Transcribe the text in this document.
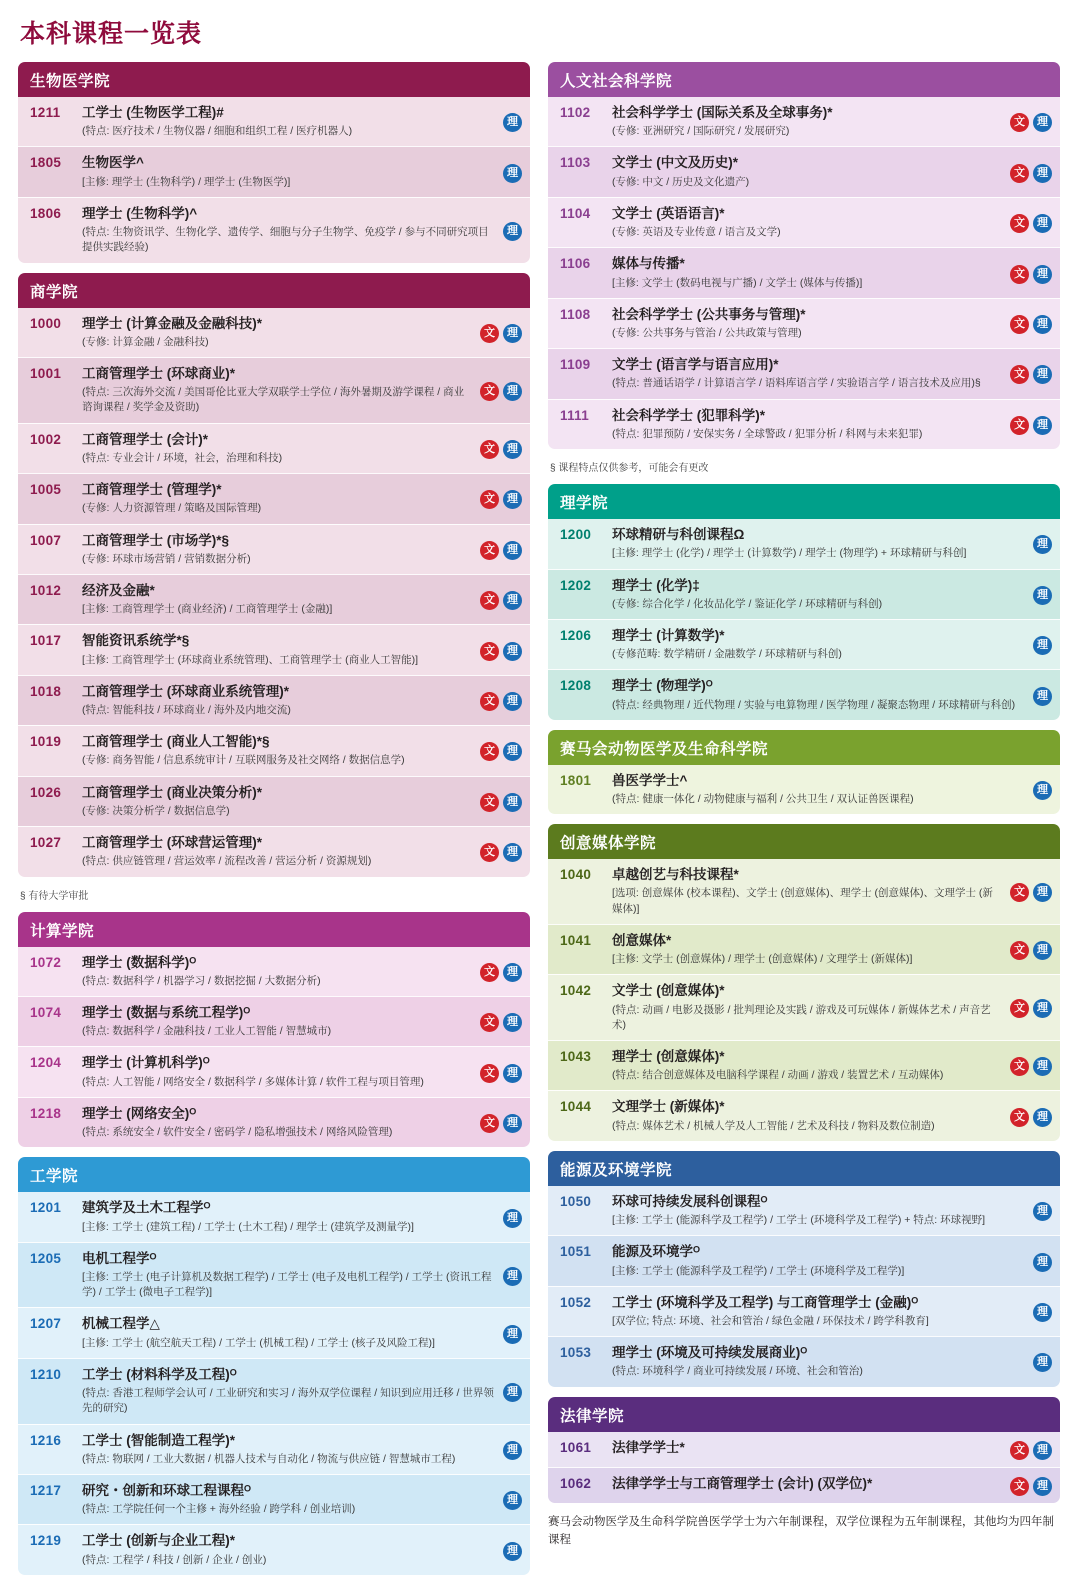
本科课程一览表
生物医学院
1211	工学士 (生物医学工程)#
(特点: 医疗技术 / 生物仪器 / 细胞和组织工程 / 医疗机器人)
理
1805	生物医学^
[主修: 理学士 (生物科学) / 理学士 (生物医学)]
理
1806	理学士 (生物科学)^
(特点: 生物资讯学、生物化学、遗传学、细胞与分子生物学、免疫学 / 参与不同研究项目提供实践经验)
理
商学院
1000	理学士 (计算金融及金融科技)*
(专修: 计算金融 / 金融科技)
文	理
1001	工商管理学士 (环球商业)*
(特点: 三次海外交流 / 美国哥伦比亚大学双联学士学位 / 海外暑期及游学课程 / 商业谘询课程 / 奖学金及资助)
文	理
1002	工商管理学士 (会计)*
(特点: 专业会计 / 环境，社会，治理和科技)
文	理
1005	工商管理学士 (管理学)*
(专修: 人力资源管理 / 策略及国际管理)
文	理
1007	工商管理学士 (市场学)*§
(专修: 环球市场营销 / 营销数据分析)
文	理
1012	经济及金融*
[主修: 工商管理学士 (商业经济) / 工商管理学士 (金融)]
文	理
1017	智能资讯系统学*§
[主修: 工商管理学士 (环球商业系统管理)、工商管理学士 (商业人工智能)]
文	理
1018	工商管理学士 (环球商业系统管理)*
(特点: 智能科技 / 环球商业 / 海外及内地交流)
文	理
1019	工商管理学士 (商业人工智能)*§
(专修: 商务智能 / 信息系统审计 / 互联网服务及社交网络 / 数据信息学)
文	理
1026	工商管理学士 (商业决策分析)*
(专修: 决策分析学 / 数据信息学)
文	理
1027	工商管理学士 (环球营运管理)*
(特点: 供应链管理 / 营运效率 / 流程改善 / 营运分析 / 资源规划)
文	理
§ 有待大学审批
计算学院
1072	理学士 (数据科学)ᴼ
(特点: 数据科学 / 机器学习 / 数据挖掘 / 大数据分析)
文	理
1074	理学士 (数据与系统工程学)ᴼ
(特点: 数据科学 / 金融科技 / 工业人工智能 / 智慧城市)
文	理
1204	理学士 (计算机科学)ᴼ
(特点: 人工智能 / 网络安全 / 数据科学 / 多媒体计算 / 软件工程与项目管理)
文	理
1218	理学士 (网络安全)ᴼ
(特点: 系统安全 / 软件安全 / 密码学 / 隐私增强技术 / 网络风险管理)
文	理
工学院
1201	建筑学及土木工程学ᴼ
[主修: 工学士 (建筑工程) / 工学士 (土木工程) / 理学士 (建筑学及测量学)]
理
1205	电机工程学ᴼ
[主修: 工学士 (电子计算机及数据工程学) / 工学士 (电子及电机工程学) / 工学士 (资讯工程学) / 工学士 (微电子工程学)]
理
1207	机械工程学△
[主修: 工学士 (航空航天工程) / 工学士 (机械工程) / 工学士 (核子及风险工程)]
理
1210	工学士 (材料科学及工程)ᴼ
(特点: 香港工程师学会认可 / 工业研究和实习 / 海外双学位课程 / 知识到应用迁移 / 世界领先的研究)
理
1216	工学士 (智能制造工程学)*
(特点: 物联网 / 工业大数据 / 机器人技术与自动化 / 物流与供应链 / 智慧城市工程)
理
1217	研究・创新和环球工程课程ᴼ
(特点: 工学院任何一个主修 + 海外经验 / 跨学科 / 创业培训)
理
1219	工学士 (创新与企业工程)*
(特点: 工程学 / 科技 / 创新 / 企业 / 创业)
理
人文社会科学院
1102	社会科学学士 (国际关系及全球事务)*
(专修: 亚洲研究 / 国际研究 / 发展研究)
文	理
1103	文学士 (中文及历史)*
(专修: 中文 / 历史及文化遗产)
文	理
1104	文学士 (英语语言)*
(专修: 英语及专业传意 / 语言及文学)
文	理
1106	媒体与传播*
[主修: 文学士 (数码电视与广播) / 文学士 (媒体与传播)]
文	理
1108	社会科学学士 (公共事务与管理)*
(专修: 公共事务与管治 / 公共政策与管理)
文	理
1109	文学士 (语言学与语言应用)*
(特点: 普通话语学 / 计算语言学 / 语料库语言学 / 实验语言学 / 语言技术及应用)§
文	理
1111	社会科学学士 (犯罪科学)*
(特点: 犯罪预防 / 安保实务 / 全球警政 / 犯罪分析 / 科网与未来犯罪)
文	理
§ 课程特点仅供参考，可能会有更改
理学院
1200	环球精研与科创课程Ω
[主修: 理学士 (化学) / 理学士 (计算数学) / 理学士 (物理学) + 环球精研与科创]
理
1202	理学士 (化学)‡
(专修: 综合化学 / 化妆品化学 / 鉴证化学 / 环球精研与科创)
理
1206	理学士 (计算数学)*
(专修范畴: 数学精研 / 金融数学 / 环球精研与科创)
理
1208	理学士 (物理学)ᴼ
(特点: 经典物理 / 近代物理 / 实验与电算物理 / 医学物理 / 凝聚态物理 / 环球精研与科创)
理
赛马会动物医学及生命科学院
1801	兽医学学士^
(特点: 健康一体化 / 动物健康与福利 / 公共卫生 / 双认证兽医课程)
理
创意媒体学院
1040	卓越创艺与科技课程*
[选项: 创意媒体 (校本课程)、文学士 (创意媒体)、理学士 (创意媒体)、文理学士 (新媒体)]
文	理
1041	创意媒体*
[主修: 文学士 (创意媒体) / 理学士 (创意媒体) / 文理学士 (新媒体)]
文	理
1042	文学士 (创意媒体)*
(特点: 动画 / 电影及摄影 / 批判理论及实践 / 游戏及可玩媒体 / 新媒体艺术 / 声音艺术)
文	理
1043	理学士 (创意媒体)*
(特点: 结合创意媒体及电脑科学课程 / 动画 / 游戏 / 装置艺术 / 互动媒体)
文	理
1044	文理学士 (新媒体)*
(特点: 媒体艺术 / 机械人学及人工智能 / 艺术及科技 / 物料及数位制造)
文	理
能源及环境学院
1050	环球可持续发展科创课程ᴼ
[主修: 工学士 (能源科学及工程学) / 工学士 (环境科学及工程学) + 特点: 环球视野]
理
1051	能源及环境学ᴼ
[主修: 工学士 (能源科学及工程学) / 工学士 (环境科学及工程学)]
理
1052	工学士 (环境科学及工程学) 与工商管理学士 (金融)ᴼ
[双学位; 特点: 环境、社会和管治 / 绿色金融 / 环保技术 / 跨学科教育]
理
1053	理学士 (环境及可持续发展商业)ᴼ
(特点: 环境科学 / 商业可持续发展 / 环境、社会和管治)
理
法律学院
1061	法律学学士*	文	理
1062	法律学学士与工商管理学士 (会计) (双学位)*	文	理
赛马会动物医学及生命科学院兽医学学士为六年制课程，双学位课程为五年制课程，其他均为四年制课程
